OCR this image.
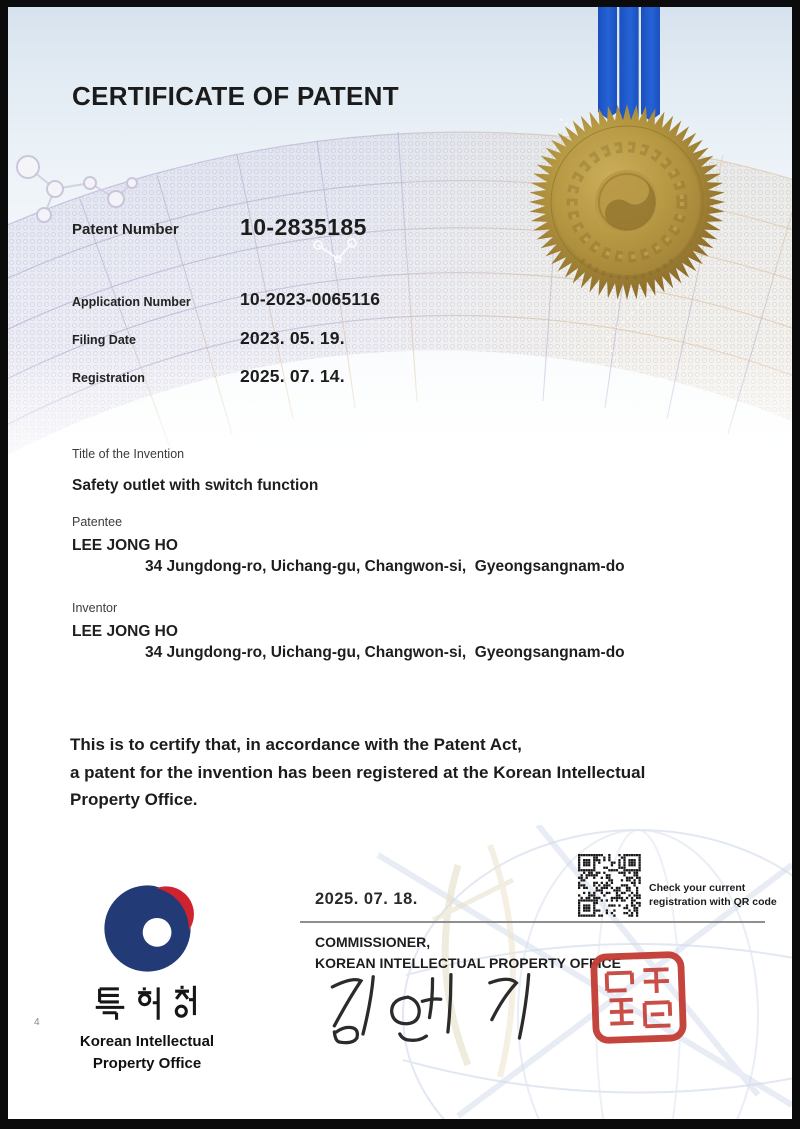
CERTIFICATE OF PATENT
Patent Number	10-2835185
Application Number	10-2023-0065116
Filing Date	2023. 05. 19.
Registration	2025. 07. 14.
Title of the Invention
Safety outlet with switch function
Patentee
LEE JONG HO
34 Jungdong-ro, Uichang-gu, Changwon-si,  Gyeongsangnam-do
Inventor
LEE JONG HO
34 Jungdong-ro, Uichang-gu, Changwon-si,  Gyeongsangnam-do
This is to certify that, in accordance with the Patent Act,
a patent for the invention has been registered at the Korean Intellectual
Property Office.
Korean Intellectual
Property Office
4
2025. 07. 18.
COMMISSIONER,
KOREAN INTELLECTUAL PROPERTY OFFICE
Check your current
registration with QR code
